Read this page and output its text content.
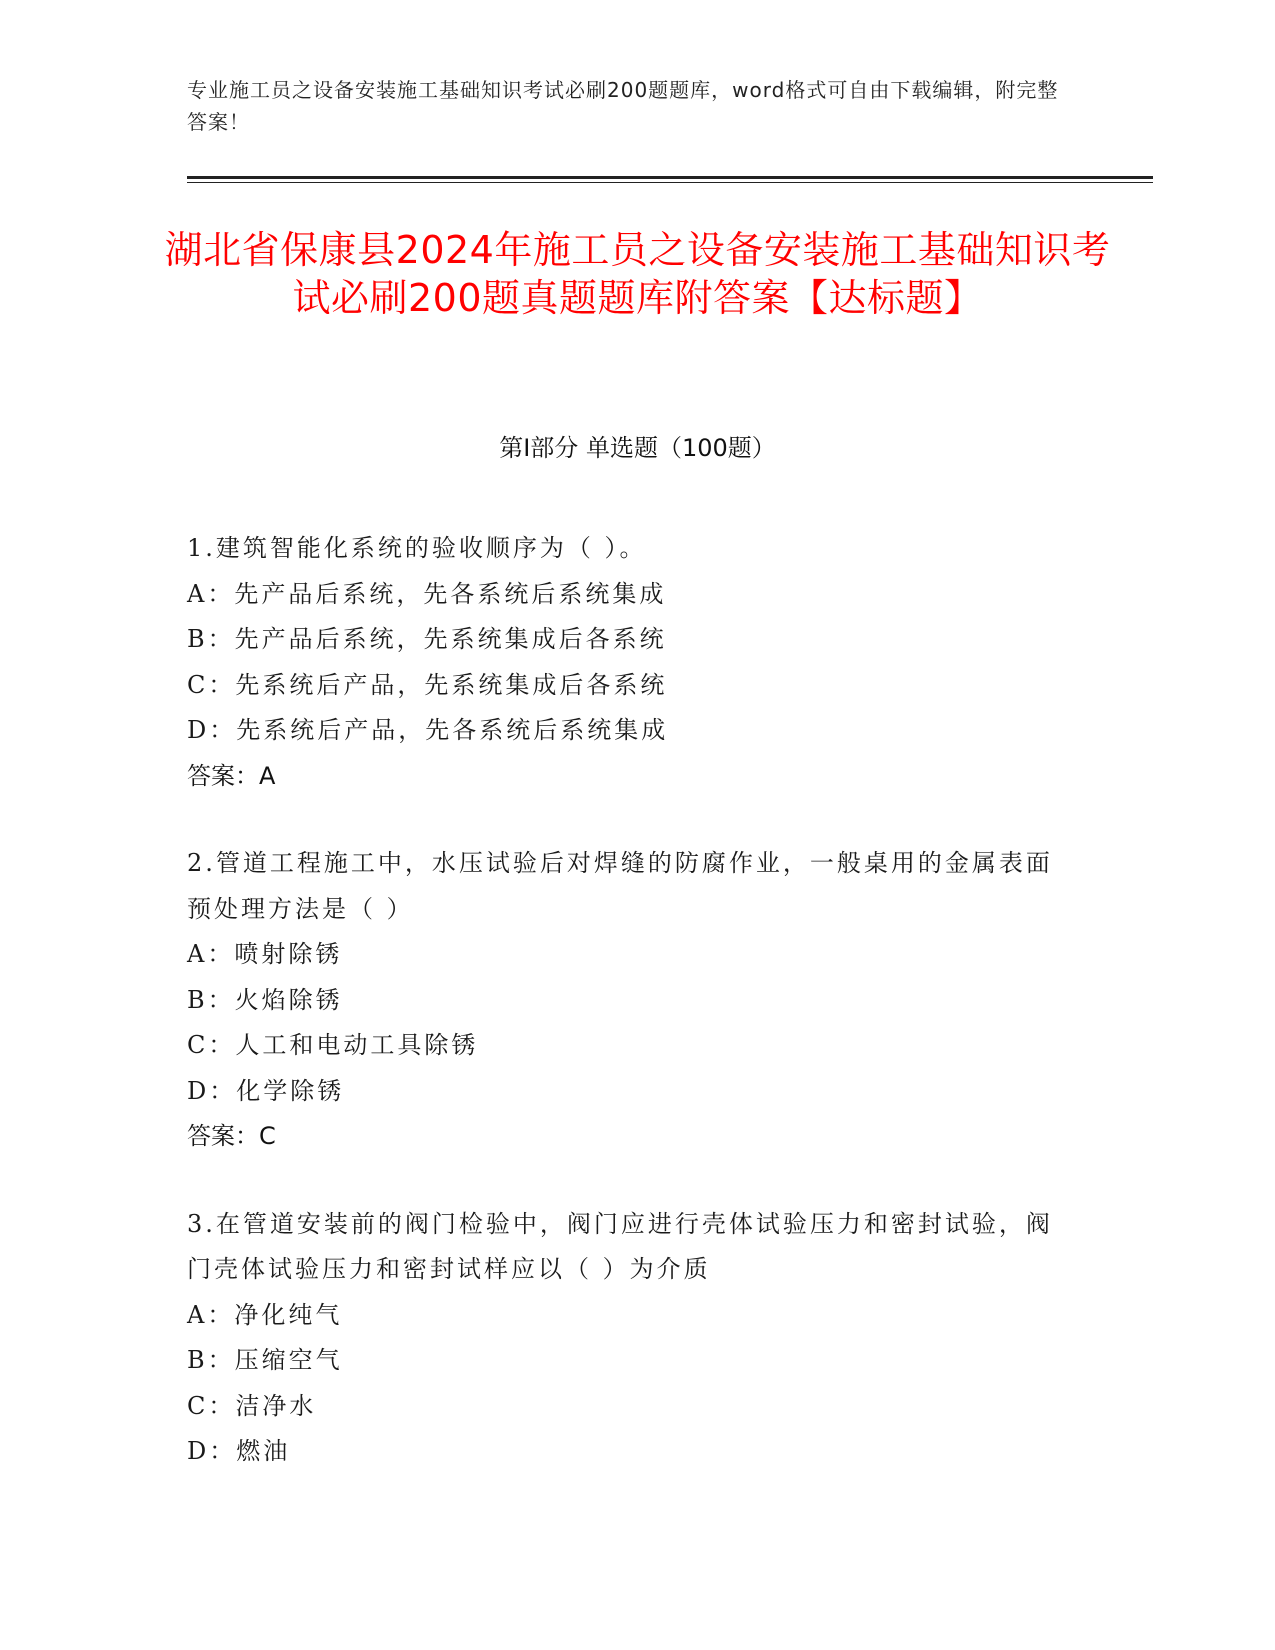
专业施工员之设备安装施工基础知识考试必刷200题题库，word格式可自由下载编辑，附完整答案！
湖北省保康县2024年施工员之设备安装施工基础知识考试必刷200题真题题库附答案【达标题】
第Ⅰ部分 单选题（100题）

1.建筑智能化系统的验收顺序为（ ）。

A：先产品后系统，先各系统后系统集成

B：先产品后系统，先系统集成后各系统

C：先系统后产品，先系统集成后各系统

D：先系统后产品，先各系统后系统集成

答案：A

2.管道工程施工中，水压试验后对焊缝的防腐作业，一般桌用的金属表面预处理方法是（ ）

A：喷射除锈

B：火焰除锈

C：人工和电动工具除锈

D：化学除锈

答案：C

3.在管道安装前的阀门检验中，阀门应进行壳体试验压力和密封试验，阀门壳体试验压力和密封试样应以（ ）为介质

A：净化纯气

B：压缩空气

C：洁净水

D：燃油
